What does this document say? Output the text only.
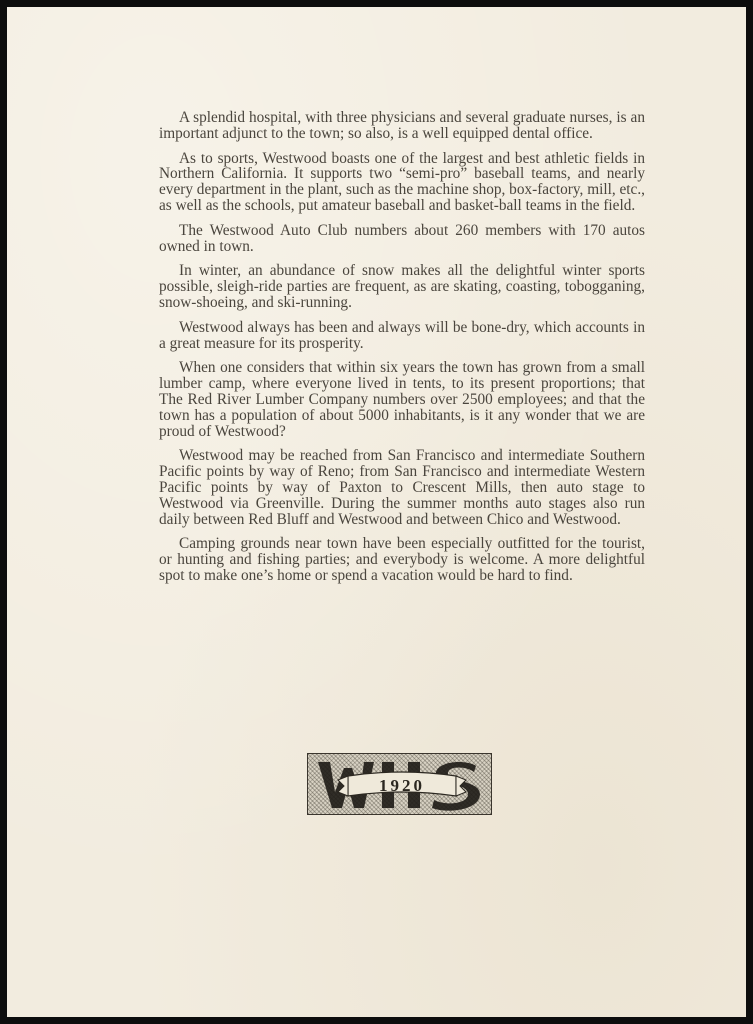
A splendid hospital, with three physicians and several graduate nurses, is an important adjunct to the town; so also, is a well equipped dental office.

As to sports, Westwood boasts one of the largest and best athletic fields in Northern California. It supports two “semi-pro” baseball teams, and nearly every department in the plant, such as the machine shop, box-factory, mill, etc., as well as the schools, put amateur baseball and basket-ball teams in the field.

The Westwood Auto Club numbers about 260 members with 170 autos owned in town.

In winter, an abundance of snow makes all the delightful winter sports possible, sleigh-ride parties are frequent, as are skating, coasting, tobogganing, snow-shoeing, and ski-running.

Westwood always has been and always will be bone-dry, which accounts in a great measure for its prosperity.

When one considers that within six years the town has grown from a small lumber camp, where everyone lived in tents, to its present proportions; that The Red River Lumber Company numbers over 2500 employees; and that the town has a population of about 5000 inhabitants, is it any wonder that we are proud of Westwood?

Westwood may be reached from San Francisco and intermediate Southern Pacific points by way of Reno; from San Francisco and intermediate Western Pacific points by way of Paxton to Crescent Mills, then auto stage to Westwood via Greenville. During the summer months auto stages also run daily between Red Bluff and Westwood and between Chico and Westwood.

Camping grounds near town have been especially outfitted for the tourist, or hunting and fishing parties; and everybody is welcome. A more delightful spot to make one’s home or spend a vacation would be hard to find.

1920
